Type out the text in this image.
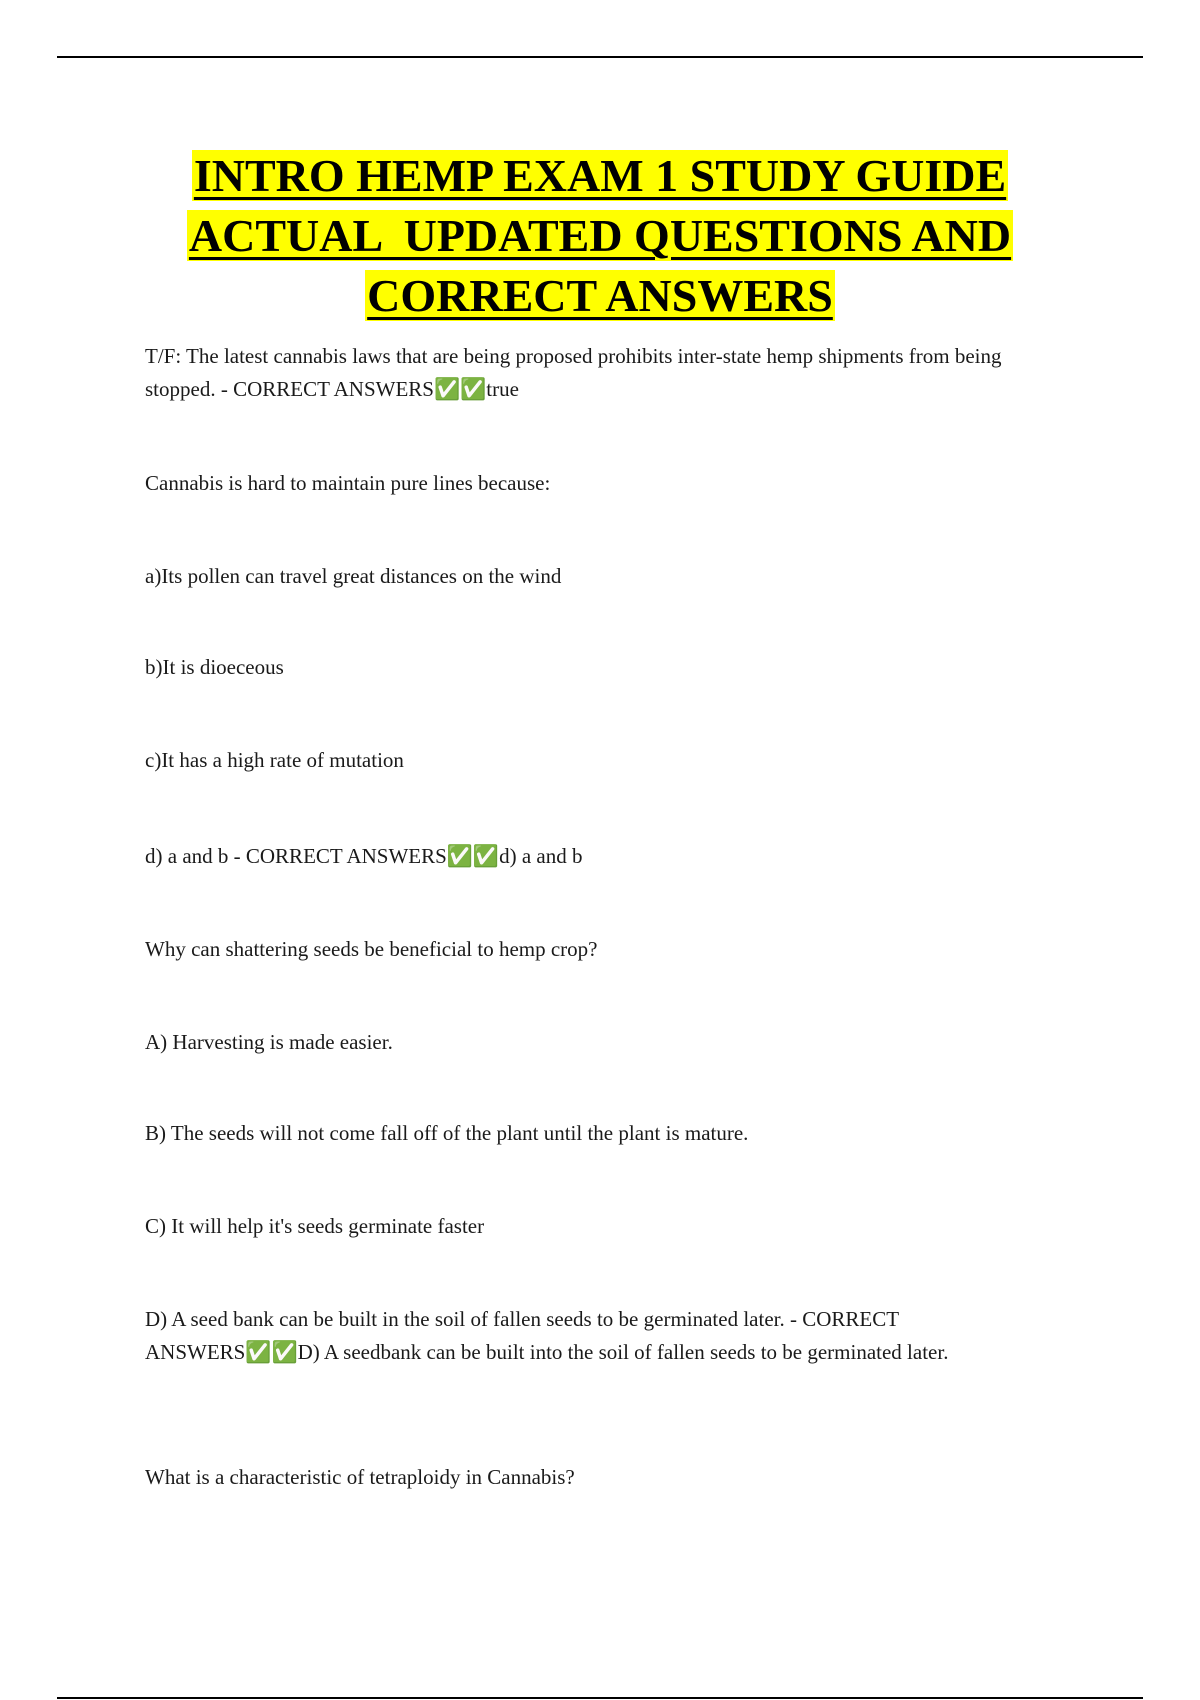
INTRO HEMP EXAM 1 STUDY GUIDE
ACTUAL  UPDATED QUESTIONS AND
CORRECT ANSWERS

T/F: The latest cannabis laws that are being proposed prohibits inter-state hemp shipments from being stopped. - CORRECT ANSWERS✅✅true

Cannabis is hard to maintain pure lines because:

a)Its pollen can travel great distances on the wind

b)It is dioeceous

c)It has a high rate of mutation

d) a and b - CORRECT ANSWERS✅✅d) a and b

Why can shattering seeds be beneficial to hemp crop?

A) Harvesting is made easier.

B) The seeds will not come fall off of the plant until the plant is mature.

C) It will help it's seeds germinate faster

D) A seed bank can be built in the soil of fallen seeds to be germinated later. - CORRECT ANSWERS✅✅D) A seedbank can be built into the soil of fallen seeds to be germinated later.

What is a characteristic of tetraploidy in Cannabis?
